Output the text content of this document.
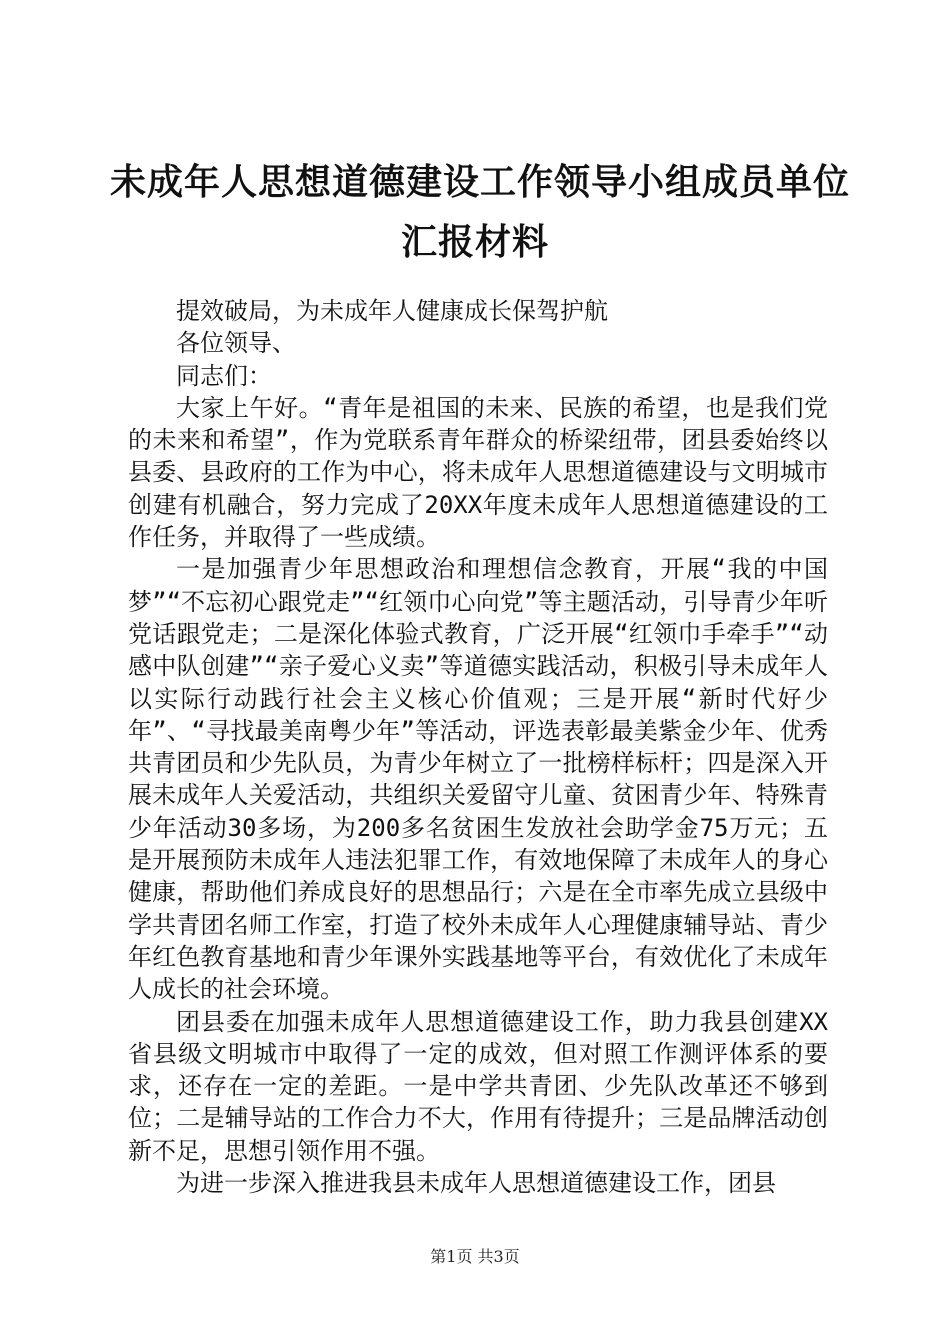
未成年人思想道德建设工作领导小组成员单位
汇报材料

提效破局，为未成年人健康成长保驾护航

各位领导、

同志们：

大家上午好。“青年是祖国的未来、民族的希望，也是我们党的未来和希望”，作为党联系青年群众的桥梁纽带，团县委始终以县委、县政府的工作为中心，将未成年人思想道德建设与文明城市创建有机融合，努力完成了20XX年度未成年人思想道德建设的工作任务，并取得了一些成绩。

一是加强青少年思想政治和理想信念教育，开展“我的中国梦”“不忘初心跟党走”“红领巾心向党”等主题活动，引导青少年听党话跟党走；二是深化体验式教育，广泛开展“红领巾手牵手”“动感中队创建”“亲子爱心义卖”等道德实践活动，积极引导未成年人以实际行动践行社会主义核心价值观；三是开展“新时代好少年”、“寻找最美南粤少年”等活动，评选表彰最美紫金少年、优秀共青团员和少先队员，为青少年树立了一批榜样标杆；四是深入开展未成年人关爱活动，共组织关爱留守儿童、贫困青少年、特殊青少年活动30多场，为200多名贫困生发放社会助学金75万元；五是开展预防未成年人违法犯罪工作，有效地保障了未成年人的身心健康，帮助他们养成良好的思想品行；六是在全市率先成立县级中学共青团名师工作室，打造了校外未成年人心理健康辅导站、青少年红色教育基地和青少年课外实践基地等平台，有效优化了未成年人成长的社会环境。

团县委在加强未成年人思想道德建设工作，助力我县创建XX省县级文明城市中取得了一定的成效，但对照工作测评体系的要求，还存在一定的差距。一是中学共青团、少先队改革还不够到位；二是辅导站的工作合力不大，作用有待提升；三是品牌活动创新不足，思想引领作用不强。

为进一步深入推进我县未成年人思想道德建设工作，团县

第1页 共3页
